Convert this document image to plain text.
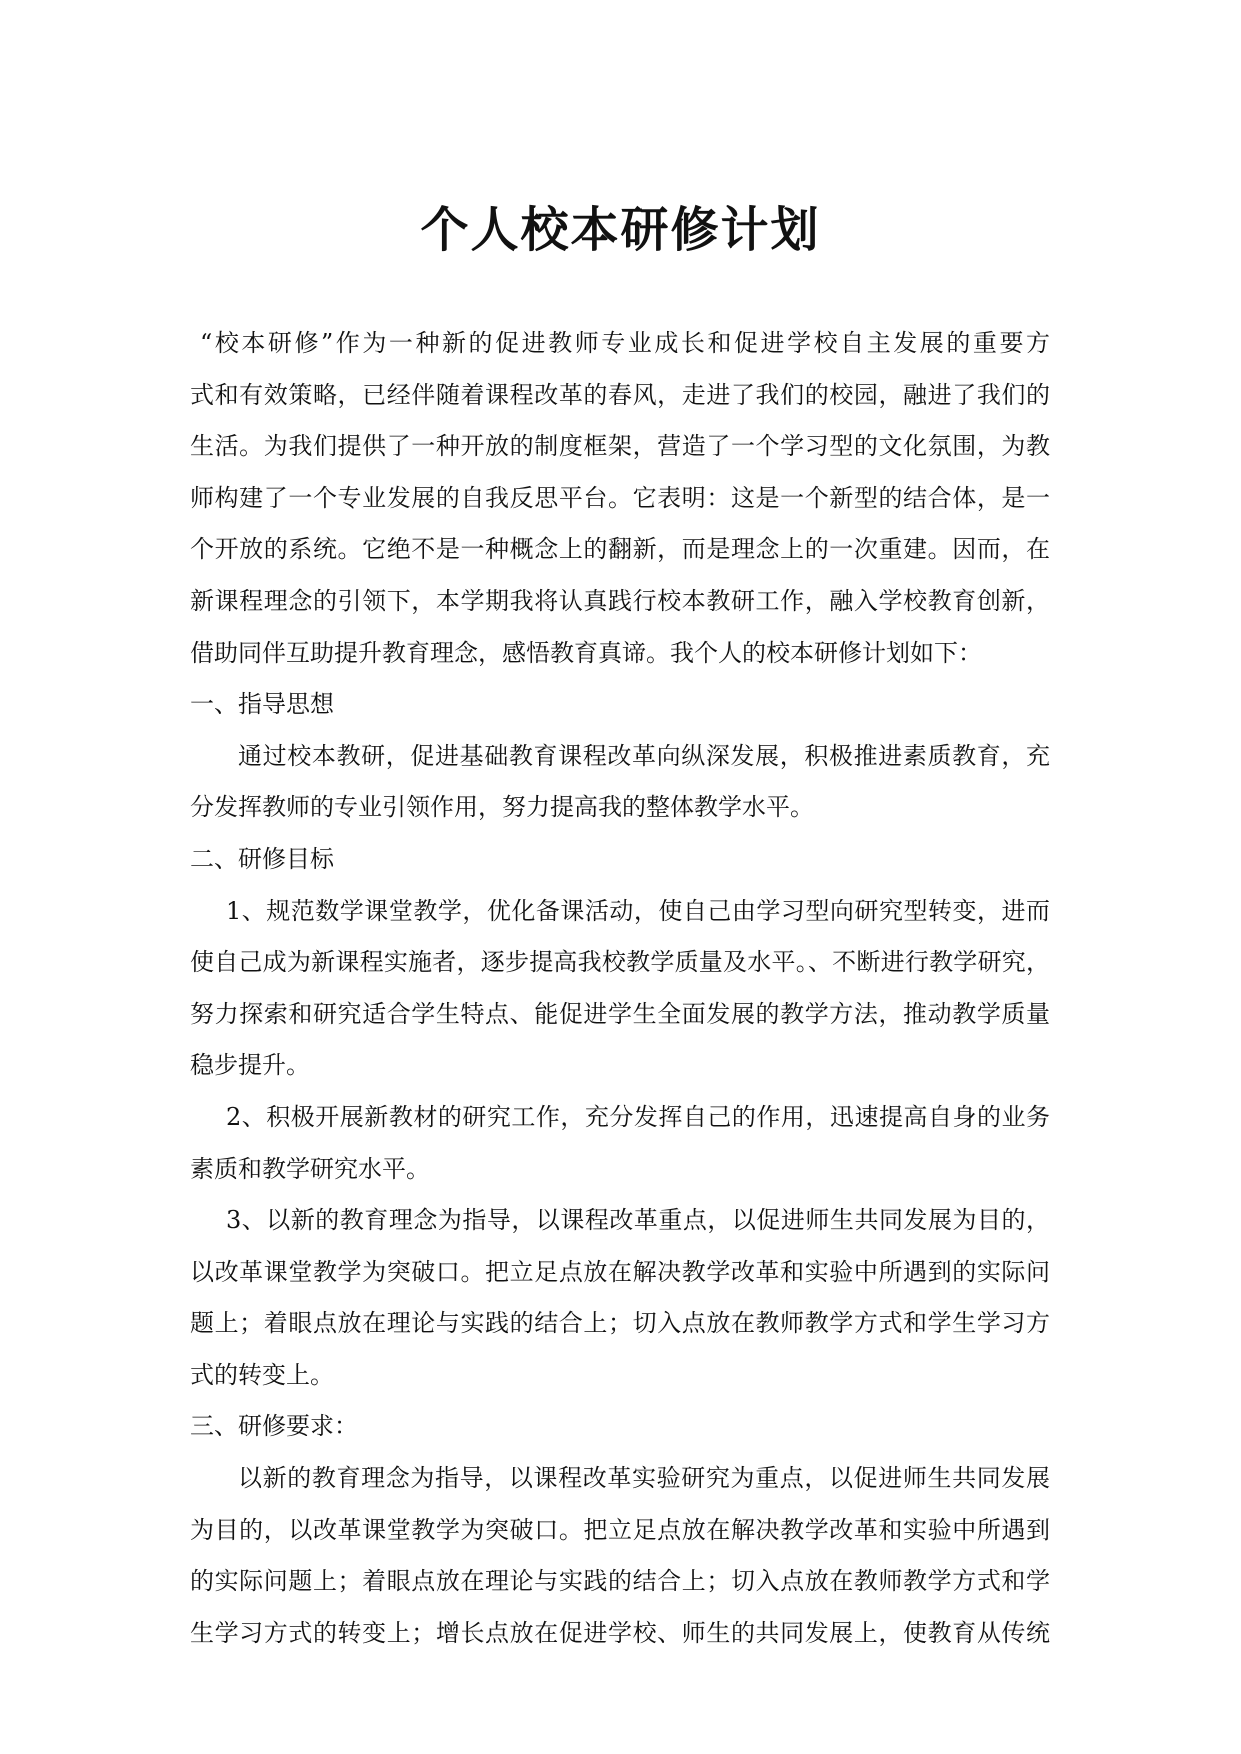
个人校本研修计划
“校本研修”作为一种新的促进教师专业成长和促进学校自主发展的重要方
式和有效策略，已经伴随着课程改革的春风，走进了我们的校园，融进了我们的
生活。为我们提供了一种开放的制度框架，营造了一个学习型的文化氛围，为教
师构建了一个专业发展的自我反思平台。它表明：这是一个新型的结合体，是一
个开放的系统。它绝不是一种概念上的翻新，而是理念上的一次重建。因而，在
新课程理念的引领下，本学期我将认真践行校本教研工作，融入学校教育创新，
借助同伴互助提升教育理念，感悟教育真谛。我个人的校本研修计划如下：
一、指导思想
通过校本教研，促进基础教育课程改革向纵深发展，积极推进素质教育，充
分发挥教师的专业引领作用，努力提高我的整体教学水平。
二、研修目标
1、规范数学课堂教学，优化备课活动，使自己由学习型向研究型转变，进而
使自己成为新课程实施者，逐步提高我校教学质量及水平。、不断进行教学研究，
努力探索和研究适合学生特点、能促进学生全面发展的教学方法，推动教学质量
稳步提升。
2、积极开展新教材的研究工作，充分发挥自己的作用，迅速提高自身的业务
素质和教学研究水平。
3、以新的教育理念为指导，以课程改革重点，以促进师生共同发展为目的，
以改革课堂教学为突破口。把立足点放在解决教学改革和实验中所遇到的实际问
题上；着眼点放在理论与实践的结合上；切入点放在教师教学方式和学生学习方
式的转变上。
三、研修要求：
以新的教育理念为指导，以课程改革实验研究为重点，以促进师生共同发展
为目的，以改革课堂教学为突破口。把立足点放在解决教学改革和实验中所遇到
的实际问题上；着眼点放在理论与实践的结合上；切入点放在教师教学方式和学
生学习方式的转变上；增长点放在促进学校、师生的共同发展上，使教育从传统
